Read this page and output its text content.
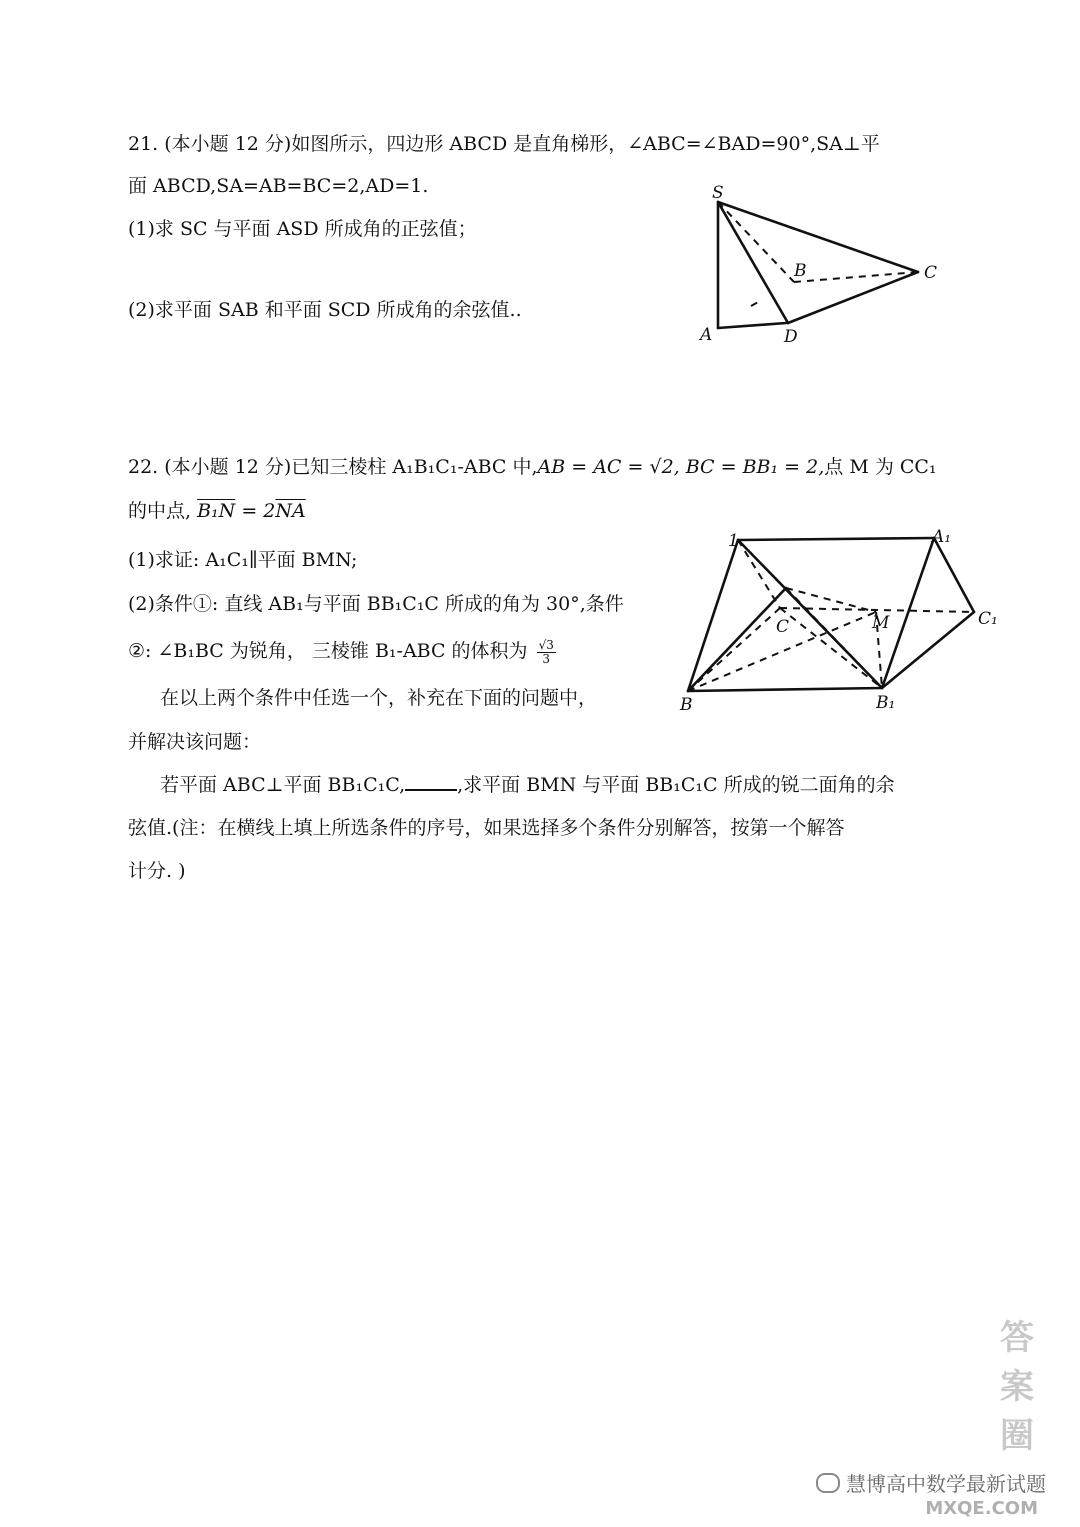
21. (本小题 12 分)如图所示，四边形 ABCD 是直角梯形，∠ABC=∠BAD=90°,SA⊥平
面 ABCD,SA=AB=BC=2,AD=1.
(1)求 SC 与平面 ASD 所成角的正弦值；
(2)求平面 SAB 和平面 SCD 所成角的余弦值..
S
B	C
A	D
22. (本小题 12 分)已知三棱柱 A₁B₁C₁-ABC 中,AB = AC = √2, BC = BB₁ = 2,点 M 为 CC₁
的中点, $B_1N = 2\overline{NA}$
(1)求证: A₁C₁∥平面 BMN;
(2)条件①: 直线 AB₁与平面 BB₁C₁C 所成的角为 30°,条件
②: ∠B₁BC 为锐角， 三棱锥 B₁-ABC 的体积为 $\frac{√3}{3}$
在以上两个条件中任选一个，补充在下面的问题中，
并解决该问题：
若平面 ABC⊥平面 BB₁C₁C,	,求平面 BMN 与平面 BB₁C₁C 所成的锐二面角的余
弦值.(注：在横线上填上所选条件的序号，如果选择多个条件分别解答，按第一个解答
计分. )
1	A₁
C	M	C₁
B	B₁
答案圈
慧博高中数学最新试题
MXQE.COM
